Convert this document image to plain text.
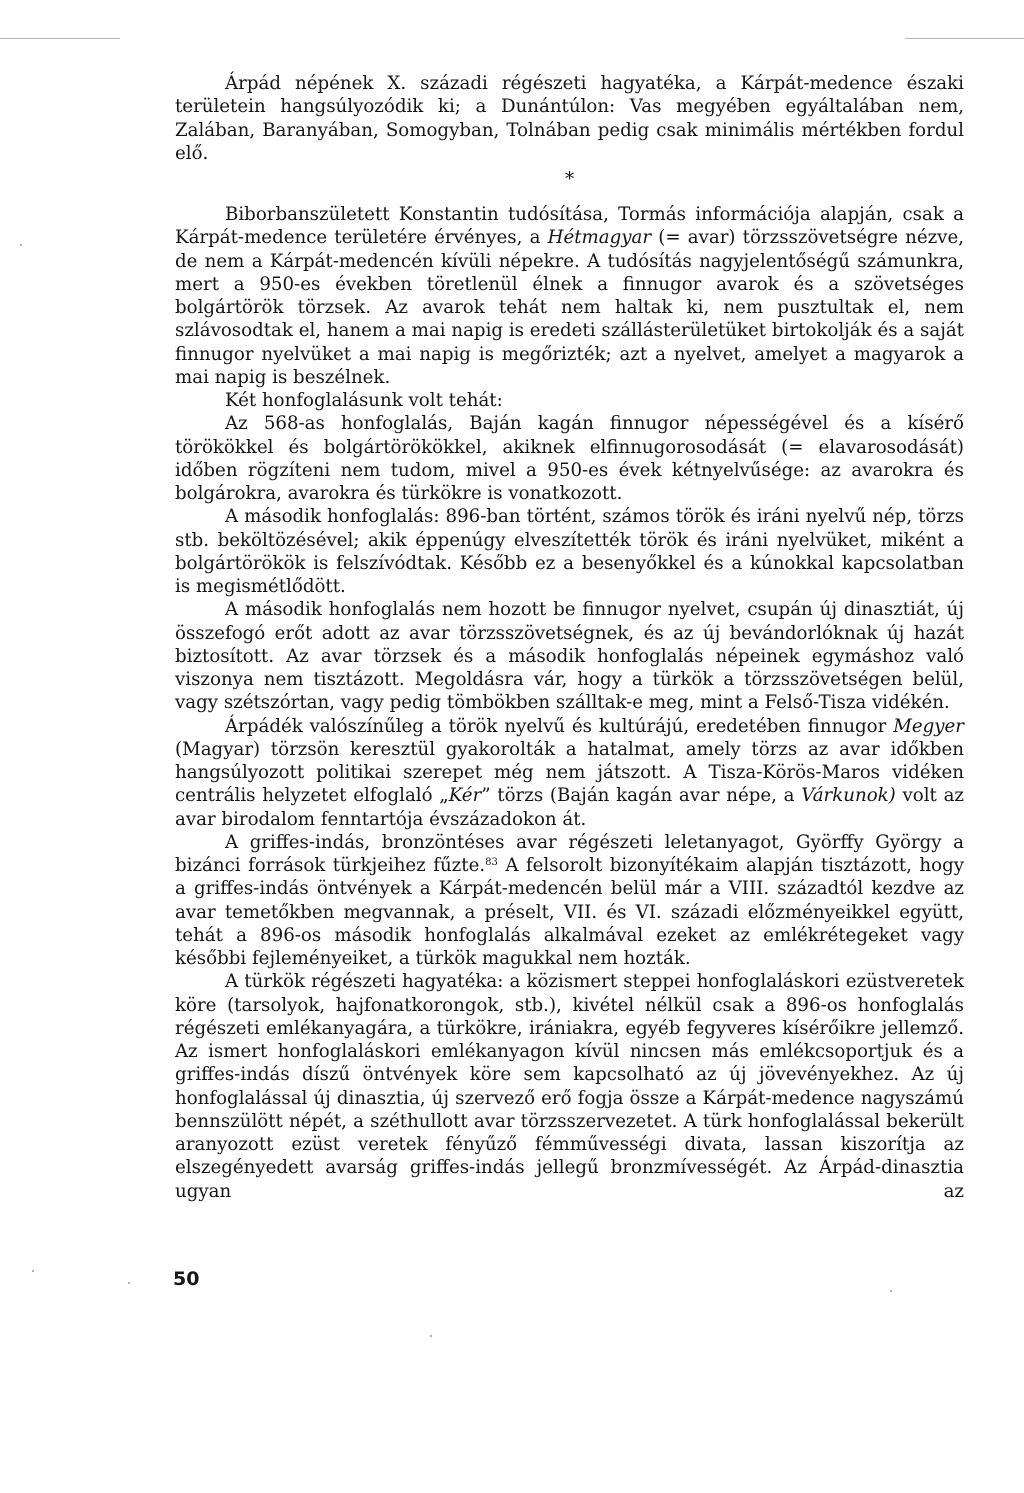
Árpád népének X. századi régészeti hagyatéka, a Kárpát-medence északi területein hangsúlyozódik ki; a Dunántúlon: Vas megyében egyáltalában nem, Zalában, Baranyában, Somogyban, Tolnában pedig csak minimális mértékben fordul elő.

*

Biborbanszületett Konstantin tudósítása, Tormás információja alapján, csak a Kárpát-medence területére érvényes, a Hétmagyar (= avar) törzsszövetségre nézve, de nem a Kárpát-medencén kívüli népekre. A tudósítás nagyjelentőségű számunkra, mert a 950-es években töretlenül élnek a finnugor avarok és a szövetséges bolgártörök törzsek. Az avarok tehát nem haltak ki, nem pusztultak el, nem szlávosodtak el, hanem a mai napig is eredeti szállásterületüket birtokolják és a saját finnugor nyelvüket a mai napig is megőrizték; azt a nyelvet, amelyet a magyarok a mai napig is beszélnek.

Két honfoglalásunk volt tehát:

Az 568-as honfoglalás, Baján kagán finnugor népességével és a kísérő törökökkel és bolgártörökökkel, akiknek elfinnugorosodását (= elavarosodását) időben rögzíteni nem tudom, mivel a 950-es évek kétnyelvűsége: az avarokra és bolgárokra, avarokra és türkökre is vonatkozott.

A második honfoglalás: 896-ban történt, számos török és iráni nyelvű nép, törzs stb. beköltözésével; akik éppenúgy elveszítették török és iráni nyelvüket, miként a bolgártörökök is felszívódtak. Később ez a besenyőkkel és a kúnokkal kapcsolatban is megismétlődött.

A második honfoglalás nem hozott be finnugor nyelvet, csupán új dinasztiát, új összefogó erőt adott az avar törzsszövetségnek, és az új bevándorlóknak új hazát biztosított. Az avar törzsek és a második honfoglalás népeinek egymáshoz való viszonya nem tisztázott. Megoldásra vár, hogy a türkök a törzsszövetségen belül, vagy szétszórtan, vagy pedig tömbökben szálltak-e meg, mint a Felső-Tisza vidékén.

Árpádék valószínűleg a török nyelvű és kultúrájú, eredetében finnugor Megyer (Magyar) törzsön keresztül gyakorolták a hatalmat, amely törzs az avar időkben hangsúlyozott politikai szerepet még nem játszott. A Tisza-Körös-Maros vidéken centrális helyzetet elfoglaló „Kér” törzs (Baján kagán avar népe, a Várkunok) volt az avar birodalom fenntartója évszázadokon át.

A griffes-indás, bronzöntéses avar régészeti leletanyagot, Györffy György a bizánci források türkjeihez fűzte.$^{83}$ A felsorolt bizonyítékaim alapján tisztázott, hogy a griffes-indás öntvények a Kárpát-medencén belül már a VIII. századtól kezdve az avar temetőkben megvannak, a préselt, VII. és VI. századi előzményeikkel együtt, tehát a 896-os második honfoglalás alkalmával ezeket az emlékrétegeket vagy későbbi fejleményeiket, a türkök magukkal nem hozták.

A türkök régészeti hagyatéka: a közismert steppei honfoglaláskori ezüstveretek köre (tarsolyok, hajfonatkorongok, stb.), kivétel nélkül csak a 896-os honfoglalás régészeti emlékanyagára, a türkökre, irániakra, egyéb fegyveres kísérőikre jellemző. Az ismert honfoglaláskori emlékanyagon kívül nincsen más emlékcsoportjuk és a griffes-indás díszű öntvények köre sem kapcsolható az új jövevényekhez. Az új honfoglalással új dinasztia, új szervező erő fogja össze a Kárpát-medence nagyszámú bennszülött népét, a széthullott avar törzsszervezetet. A türk honfoglalással bekerült aranyozott ezüst veretek fényűző fémművességi divata, lassan kiszorítja az elszegényedett avarság griffes-indás jellegű bronzmívességét. Az Árpád-dinasztia ugyan az

50
